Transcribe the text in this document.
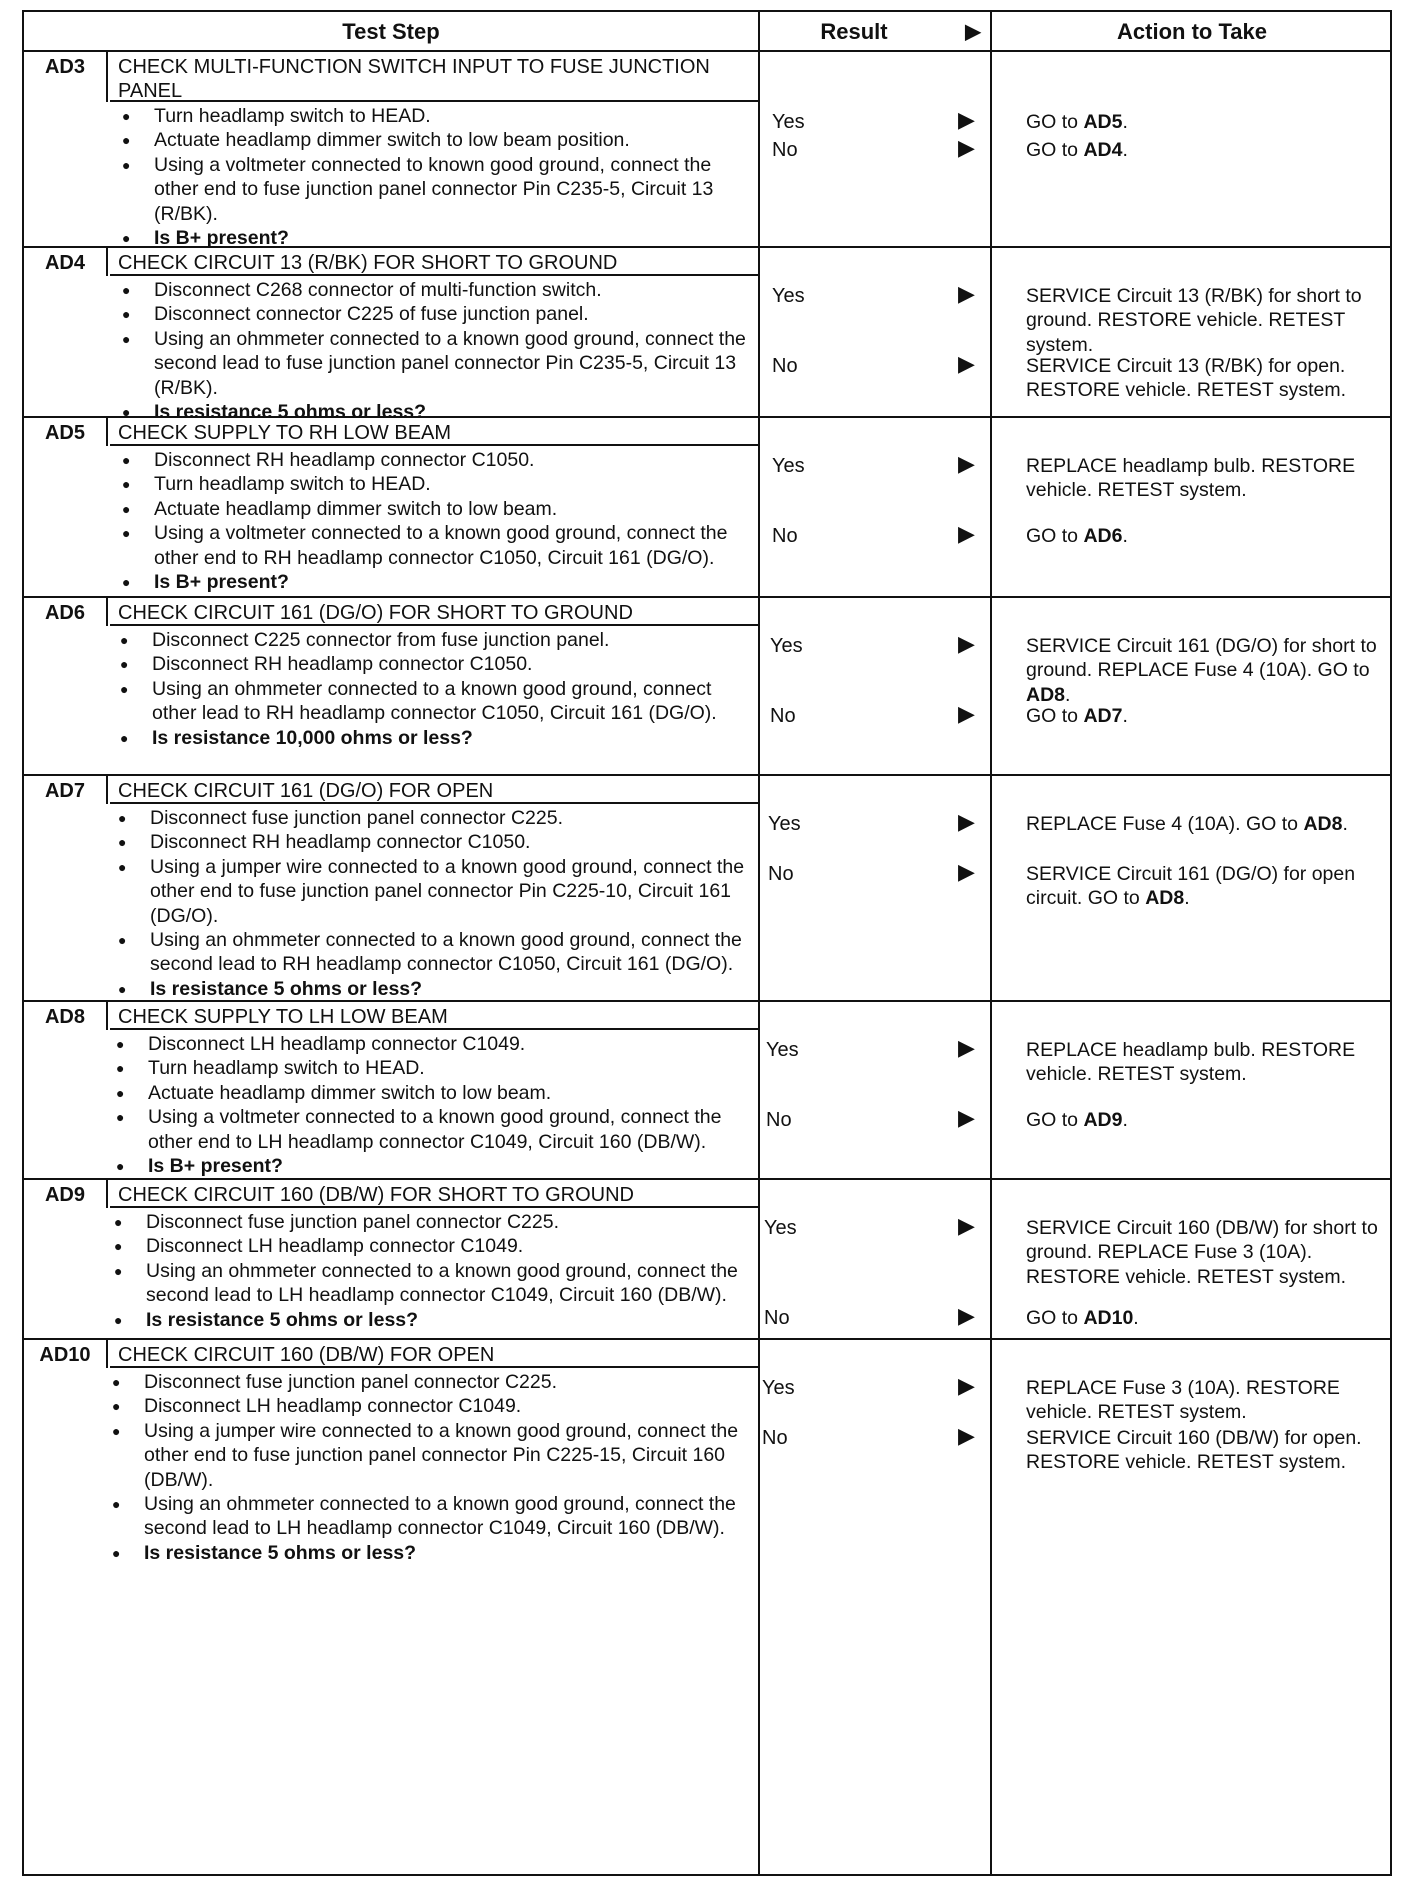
Test Step	Result	▶	Action to Take
AD3	CHECK MULTI-FUNCTION SWITCH INPUT TO FUSE JUNCTION PANEL
● Turn headlamp switch to HEAD.
● Actuate headlamp dimmer switch to low beam position.
● Using a voltmeter connected to known good ground, connect the other end to fuse junction panel connector Pin C235-5, Circuit 13 (R/BK).
● Is B+ present?
Yes	▶	GO to AD5.
No	▶	GO to AD4.
AD4	CHECK CIRCUIT 13 (R/BK) FOR SHORT TO GROUND
● Disconnect C268 connector of multi-function switch.
● Disconnect connector C225 of fuse junction panel.
● Using an ohmmeter connected to a known good ground, connect the second lead to fuse junction panel connector Pin C235-5, Circuit 13 (R/BK).
● Is resistance 5 ohms or less?
Yes	▶	SERVICE Circuit 13 (R/BK) for short to ground. RESTORE vehicle. RETEST system.
No	▶	SERVICE Circuit 13 (R/BK) for open. RESTORE vehicle. RETEST system.
AD5	CHECK SUPPLY TO RH LOW BEAM
● Disconnect RH headlamp connector C1050.
● Turn headlamp switch to HEAD.
● Actuate headlamp dimmer switch to low beam.
● Using a voltmeter connected to a known good ground, connect the other end to RH headlamp connector C1050, Circuit 161 (DG/O).
● Is B+ present?
Yes	▶	REPLACE headlamp bulb. RESTORE vehicle. RETEST system.
No	▶	GO to AD6.
AD6	CHECK CIRCUIT 161 (DG/O) FOR SHORT TO GROUND
● Disconnect C225 connector from fuse junction panel.
● Disconnect RH headlamp connector C1050.
● Using an ohmmeter connected to a known good ground, connect other lead to RH headlamp connector C1050, Circuit 161 (DG/O).
● Is resistance 10,000 ohms or less?
Yes	▶	SERVICE Circuit 161 (DG/O) for short to ground. REPLACE Fuse 4 (10A). GO to AD8.
No	▶	GO to AD7.
AD7	CHECK CIRCUIT 161 (DG/O) FOR OPEN
● Disconnect fuse junction panel connector C225.
● Disconnect RH headlamp connector C1050.
● Using a jumper wire connected to a known good ground, connect the other end to fuse junction panel connector Pin C225-10, Circuit 161 (DG/O).
● Using an ohmmeter connected to a known good ground, connect the second lead to RH headlamp connector C1050, Circuit 161 (DG/O).
● Is resistance 5 ohms or less?
Yes	▶	REPLACE Fuse 4 (10A). GO to AD8.
No	▶	SERVICE Circuit 161 (DG/O) for open circuit. GO to AD8.
AD8	CHECK SUPPLY TO LH LOW BEAM
● Disconnect LH headlamp connector C1049.
● Turn headlamp switch to HEAD.
● Actuate headlamp dimmer switch to low beam.
● Using a voltmeter connected to a known good ground, connect the other end to LH headlamp connector C1049, Circuit 160 (DB/W).
● Is B+ present?
Yes	▶	REPLACE headlamp bulb. RESTORE vehicle. RETEST system.
No	▶	GO to AD9.
AD9	CHECK CIRCUIT 160 (DB/W) FOR SHORT TO GROUND
● Disconnect fuse junction panel connector C225.
● Disconnect LH headlamp connector C1049.
● Using an ohmmeter connected to a known good ground, connect the second lead to LH headlamp connector C1049, Circuit 160 (DB/W).
● Is resistance 5 ohms or less?
Yes	▶	SERVICE Circuit 160 (DB/W) for short to ground. REPLACE Fuse 3 (10A). RESTORE vehicle. RETEST system.
No	▶	GO to AD10.
AD10	CHECK CIRCUIT 160 (DB/W) FOR OPEN
● Disconnect fuse junction panel connector C225.
● Disconnect LH headlamp connector C1049.
● Using a jumper wire connected to a known good ground, connect the other end to fuse junction panel connector Pin C225-15, Circuit 160 (DB/W).
● Using an ohmmeter connected to a known good ground, connect the second lead to LH headlamp connector C1049, Circuit 160 (DB/W).
● Is resistance 5 ohms or less?
Yes	▶	REPLACE Fuse 3 (10A). RESTORE vehicle. RETEST system.
No	▶	SERVICE Circuit 160 (DB/W) for open. RESTORE vehicle. RETEST system.
